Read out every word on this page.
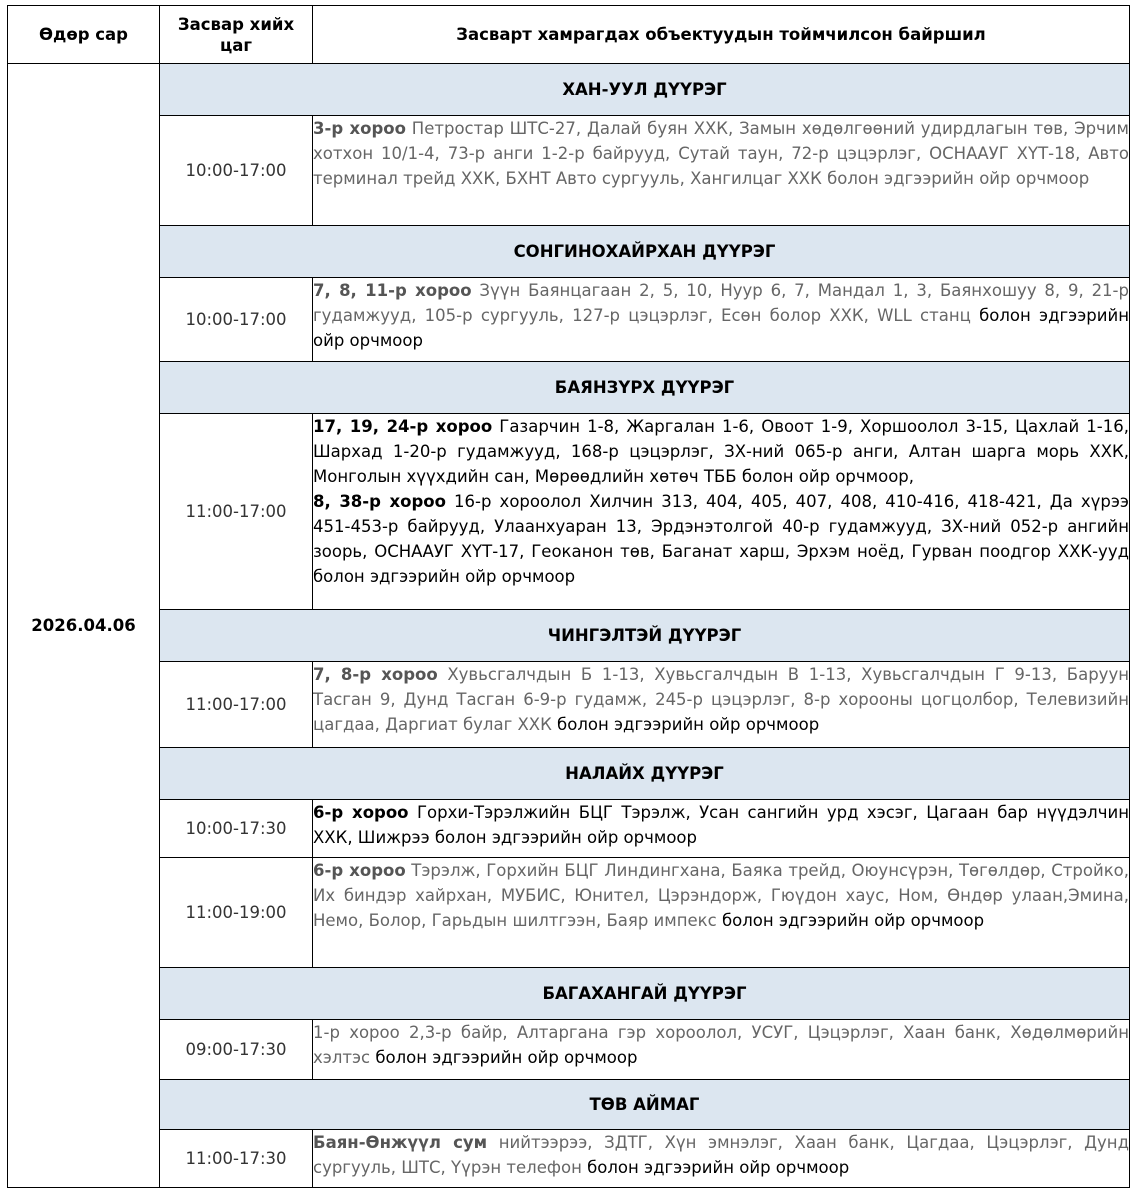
Өдөр сар	Засвар хийх цаг	Засварт хамрагдах объектуудын тоймчилсон байршил
2026.04.06	ХАН-УУЛ ДҮҮРЭГ	
	10:00-17:00	3-р хороо Петростар ШТС-27, Далай буян ХХК, Замын хөдөлгөөний удирдлагын төв, Эрчим хотхон 10/1-4, 73-р анги 1-2-р байрууд, Сутай таун, 72-р цэцэрлэг, ОСНААУГ ХҮТ-18, Авто терминал трейд ХХК, БХНТ Авто сургууль, Хангилцаг ХХК болон эдгээрийн ойр орчмоор
	СОНГИНОХАЙРХАН ДҮҮРЭГ	
	10:00-17:00	7, 8, 11-р хороо Зүүн Баянцагаан 2, 5, 10, Нуур 6, 7, Мандал 1, 3, Баянхошуу 8, 9, 21-р гудамжууд, 105-р сургууль, 127-р цэцэрлэг, Есөн болор ХХК, WLL станц болон эдгээрийн ойр орчмоор
	БАЯНЗҮРХ ДҮҮРЭГ	
	11:00-17:00	17, 19, 24-р хороо Газарчин 1-8, Жаргалан 1-6, Овоот 1-9, Хоршоолол 3-15, Цахлай 1-16, Шархад 1-20-р гудамжууд, 168-р цэцэрлэг, ЗХ-ний 065-р анги, Алтан шарга морь ХХК, Монголын хүүхдийн сан, Мөрөөдлийн хөтөч ТББ болон ойр орчмоор,
8, 38-р хороо 16-р хороолол Хилчин 313, 404, 405, 407, 408, 410-416, 418-421, Да хүрээ 451-453-р байрууд, Улаанхуаран 13, Эрдэнэтолгой 40-р гудамжууд, ЗХ-ний 052-р ангийн зоорь, ОСНААУГ ХҮТ-17, Геоканон төв, Баганат харш, Эрхэм ноёд, Гурван поодгор ХХК-ууд болон эдгээрийн ойр орчмоор
	ЧИНГЭЛТЭЙ ДҮҮРЭГ	
	11:00-17:00	7, 8-р хороо Хувьсгалчдын Б 1-13, Хувьсгалчдын В 1-13, Хувьсгалчдын Г 9-13, Баруун Тасган 9, Дунд Тасган 6-9-р гудамж, 245-р цэцэрлэг, 8-р хорооны цогцолбор, Телевизийн цагдаа, Даргиат булаг ХХК болон эдгээрийн ойр орчмоор
	НАЛАЙХ ДҮҮРЭГ	
	10:00-17:30	6-р хороо Горхи-Тэрэлжийн БЦГ Тэрэлж, Усан сангийн урд хэсэг, Цагаан бар нүүдэлчин ХХК, Шижрээ болон эдгээрийн ойр орчмоор
	11:00-19:00	6-р хороо Тэрэлж, Горхийн БЦГ Линдингхана, Баяка трейд, Оюунсүрэн, Төгөлдөр, Стройко, Их биндэр хайрхан, МУБИС, Юнител, Цэрэндорж, Гюүдон хаус, Ном, Өндөр улаан,Эмина, Немо, Болор, Гарьдын шилтгээн, Баяр импекс болон эдгээрийн ойр орчмоор
	БАГАХАНГАЙ ДҮҮРЭГ	
	09:00-17:30	1-р хороо 2,3-р байр, Алтаргана гэр хороолол, УСУГ, Цэцэрлэг, Хаан банк, Хөдөлмөрийн хэлтэс болон эдгээрийн ойр орчмоор
	ТӨВ АЙМАГ	
	11:00-17:30	Баян-Өнжүүл сум нийтээрээ, ЗДТГ, Хүн эмнэлэг, Хаан банк, Цагдаа, Цэцэрлэг, Дунд сургууль, ШТС, Үүрэн телефон болон эдгээрийн ойр орчмоор
